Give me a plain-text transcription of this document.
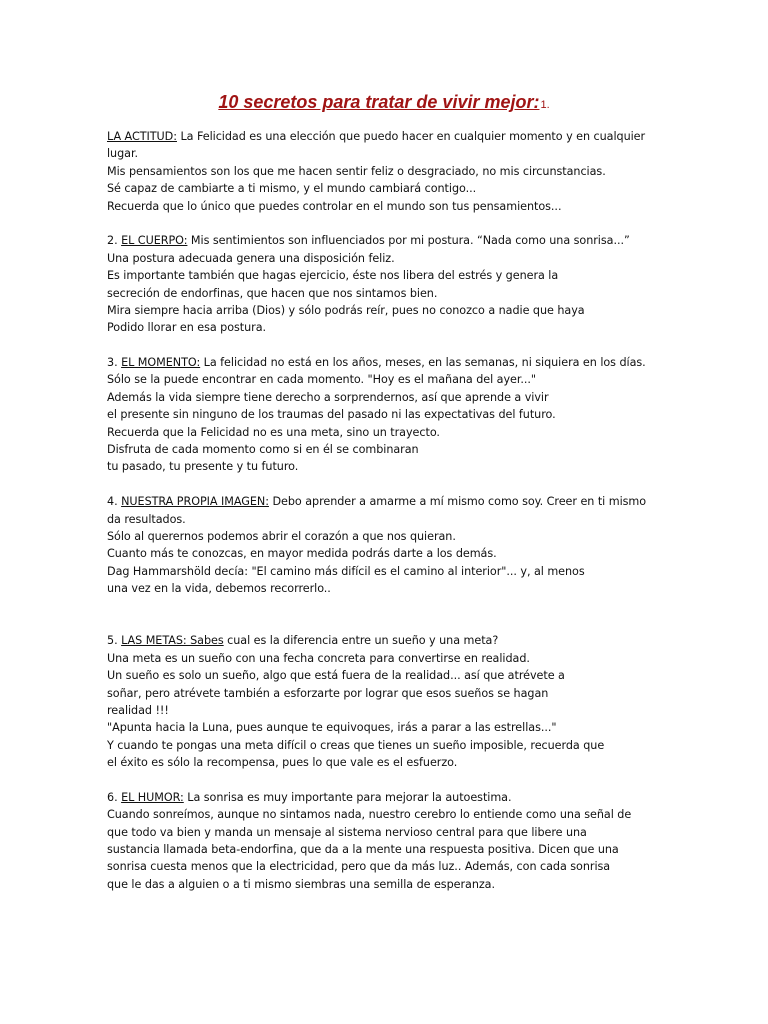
10 secretos para tratar de vivir mejor:1.
LA ACTITUD: La Felicidad es una elección que puedo hacer en cualquier momento y en cualquier
lugar.
Mis pensamientos son los que me hacen sentir feliz o desgraciado, no mis circunstancias.
Sé capaz de cambiarte a ti mismo, y el mundo cambiará contigo...
Recuerda que lo único que puedes controlar en el mundo son tus pensamientos...
2. EL CUERPO: Mis sentimientos son influenciados por mi postura. “Nada como una sonrisa...”
Una postura adecuada genera una disposición feliz.
Es importante también que hagas ejercicio, éste nos libera del estrés y genera la
secreción de endorfinas, que hacen que nos sintamos bien.
Mira siempre hacia arriba (Dios) y sólo podrás reír, pues no conozco a nadie que haya
Podido llorar en esa postura.
3. EL MOMENTO: La felicidad no está en los años, meses, en las semanas, ni siquiera en los días.
Sólo se la puede encontrar en cada momento. "Hoy es el mañana del ayer..."
Además la vida siempre tiene derecho a sorprendernos, así que aprende a vivir
el presente sin ninguno de los traumas del pasado ni las expectativas del futuro.
Recuerda que la Felicidad no es una meta, sino un trayecto.
Disfruta de cada momento como si en él se combinaran
tu pasado, tu presente y tu futuro.
4. NUESTRA PROPIA IMAGEN: Debo aprender a amarme a mí mismo como soy. Creer en ti mismo
da resultados.
Sólo al querernos podemos abrir el corazón a que nos quieran.
Cuanto más te conozcas, en mayor medida podrás darte a los demás.
Dag Hammarshöld decía: "El camino más difícil es el camino al interior"... y, al menos
una vez en la vida, debemos recorrerlo..
5. LAS METAS: Sabes cual es la diferencia entre un sueño y una meta?
Una meta es un sueño con una fecha concreta para convertirse en realidad.
Un sueño es solo un sueño, algo que está fuera de la realidad... así que atrévete a
soñar, pero atrévete también a esforzarte por lograr que esos sueños se hagan
realidad !!!
"Apunta hacia la Luna, pues aunque te equivoques, irás a parar a las estrellas..."
Y cuando te pongas una meta difícil o creas que tienes un sueño imposible, recuerda que
el éxito es sólo la recompensa, pues lo que vale es el esfuerzo.
6. EL HUMOR: La sonrisa es muy importante para mejorar la autoestima.
Cuando sonreímos, aunque no sintamos nada, nuestro cerebro lo entiende como una señal de
que todo va bien y manda un mensaje al sistema nervioso central para que libere una
sustancia llamada beta-endorfina, que da a la mente una respuesta positiva. Dicen que una
sonrisa cuesta menos que la electricidad, pero que da más luz.. Además, con cada sonrisa
que le das a alguien o a ti mismo siembras una semilla de esperanza.
